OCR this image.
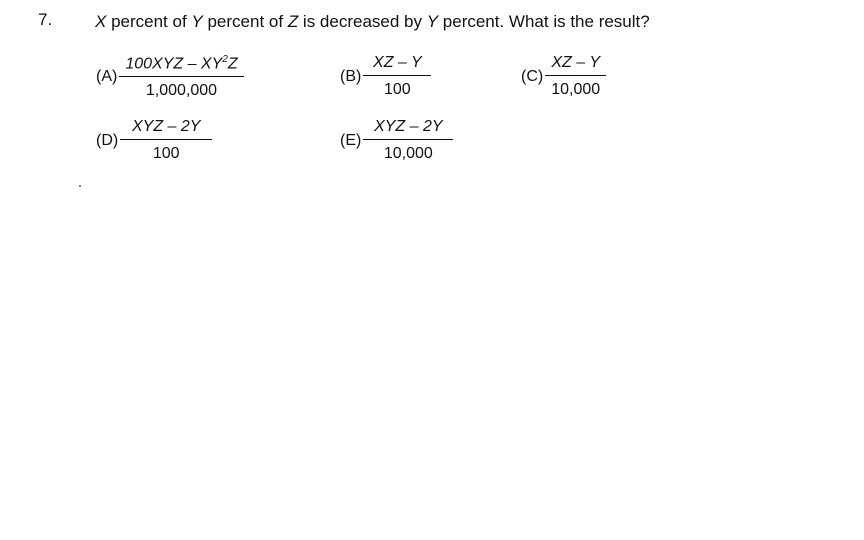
7.	X percent of Y percent of Z is decreased by Y percent. What is the result?
$(A) \frac{100XYZ - XY^2Z}{1,000,000}$	$(B) \frac{XZ - Y}{100}$	$(C) \frac{XZ - Y}{10,000}$
$(D) \frac{\text{XYZ – 2Y}}{100}$	$(E) \frac{\text{XYZ – 2Y}}{10,000}$
